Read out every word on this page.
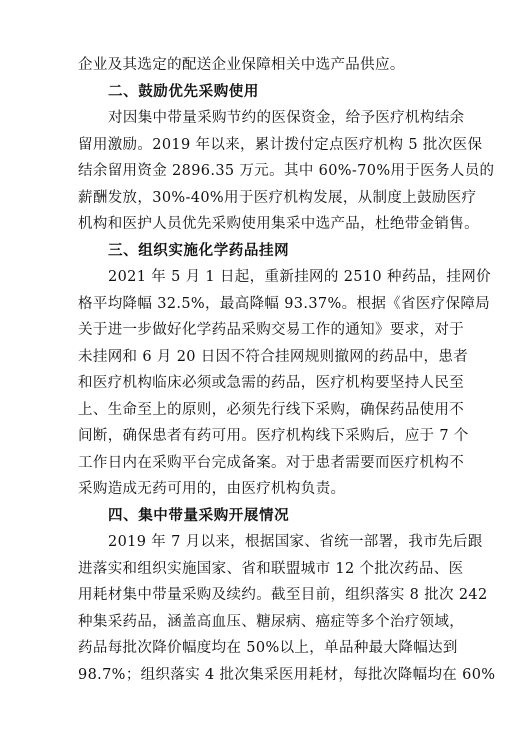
企业及其选定的配送企业保障相关中选产品供应。
二、鼓励优先采购使用
对因集中带量采购节约的医保资金，给予医疗机构结余
留用激励。2019 年以来，累计拨付定点医疗机构 5 批次医保
结余留用资金 2896.35 万元。其中 60%-70%用于医务人员的
薪酬发放，30%-40%用于医疗机构发展，从制度上鼓励医疗
机构和医护人员优先采购使用集采中选产品，杜绝带金销售。
三、组织实施化学药品挂网
2021 年 5 月 1 日起，重新挂网的 2510 种药品，挂网价
格平均降幅 32.5%，最高降幅 93.37%。根据《省医疗保障局
关于进一步做好化学药品采购交易工作的通知》要求，对于
未挂网和 6 月 20 日因不符合挂网规则撤网的药品中，患者
和医疗机构临床必须或急需的药品，医疗机构要坚持人民至
上、生命至上的原则，必须先行线下采购，确保药品使用不
间断，确保患者有药可用。医疗机构线下采购后，应于 7 个
工作日内在采购平台完成备案。对于患者需要而医疗机构不
采购造成无药可用的，由医疗机构负责。
四、集中带量采购开展情况
2019 年 7 月以来，根据国家、省统一部署，我市先后跟
进落实和组织实施国家、省和联盟城市 12 个批次药品、医
用耗材集中带量采购及续约。截至目前，组织落实 8 批次 242
种集采药品，涵盖高血压、糖尿病、癌症等多个治疗领域，
药品每批次降价幅度均在 50%以上，单品种最大降幅达到
98.7%；组织落实 4 批次集采医用耗材，每批次降幅均在 60%
